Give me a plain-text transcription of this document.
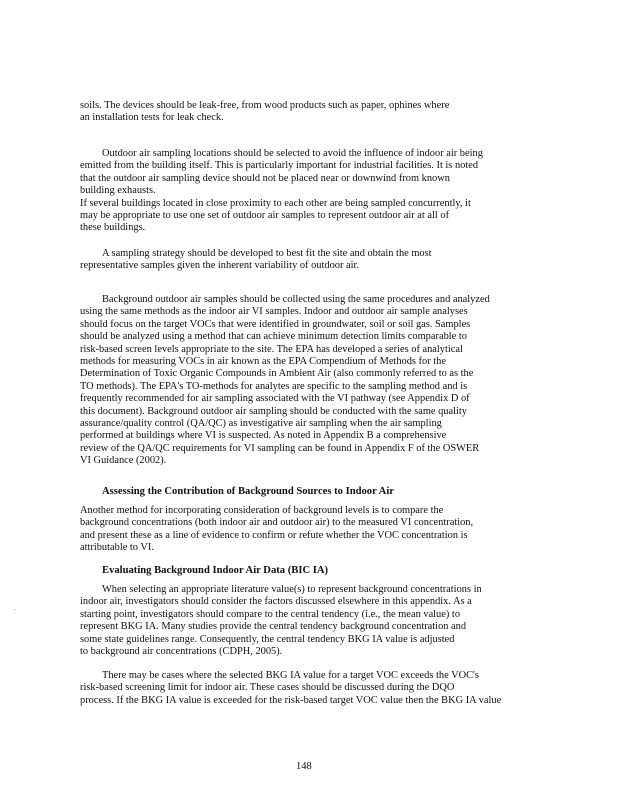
.

soils. The devices should be leak-free, from wood products such as paper, ophines where
an installation tests for leak check.

Outdoor air sampling locations should be selected to avoid the influence of indoor air being
emitted from the building itself. This is particularly important for industrial facilities. It is noted
that the outdoor air sampling device should not be placed near or downwind from known
building exhausts.
If several buildings located in close proximity to each other are being sampled concurrently, it
may be appropriate to use one set of outdoor air samples to represent outdoor air at all of
these buildings.

A sampling strategy should be developed to best fit the site and obtain the most
representative samples given the inherent variability of outdoor air.

Background outdoor air samples should be collected using the same procedures and analyzed
using the same methods as the indoor air VI samples. Indoor and outdoor air sample analyses
should focus on the target VOCs that were identified in groundwater, soil or soil gas. Samples
should be analyzed using a method that can achieve minimum detection limits comparable to
risk-based screen levels appropriate to the site. The EPA has developed a series of analytical
methods for measuring VOCs in air known as the EPA Compendium of Methods for the
Determination of Toxic Organic Compounds in Ambient Air (also commonly referred to as the
TO methods). The EPA's TO-methods for analytes are specific to the sampling method and is
frequently recommended for air sampling associated with the VI pathway (see Appendix D of
this document). Background outdoor air sampling should be conducted with the same quality
assurance/quality control (QA/QC) as investigative air sampling when the air sampling
performed at buildings where VI is suspected. As noted in Appendix B a comprehensive
review of the QA/QC requirements for VI sampling can be found in Appendix F of the OSWER
VI Guidance (2002).

Assessing the Contribution of Background Sources to Indoor Air

Another method for incorporating consideration of background levels is to compare the
background concentrations (both indoor air and outdoor air) to the measured VI concentration,
and present these as a line of evidence to confirm or refute whether the VOC concentration is
attributable to VI.

Evaluating Background Indoor Air Data (BIC IA)

When selecting an appropriate literature value(s) to represent background concentrations in
indoor air, investigators should consider the factors discussed elsewhere in this appendix. As a
starting point, investigators should compare to the central tendency (i.e., the mean value) to
represent BKG IA. Many studies provide the central tendency background concentration and
some state guidelines range. Consequently, the central tendency BKG IA value is adjusted
to background air concentrations (CDPH, 2005).

There may be cases where the selected BKG IA value for a target VOC exceeds the VOC's
risk-based screening limit for indoor air. These cases should be discussed during the DQO
process. If the BKG IA value is exceeded for the risk-based target VOC value then the BKG IA value

148
